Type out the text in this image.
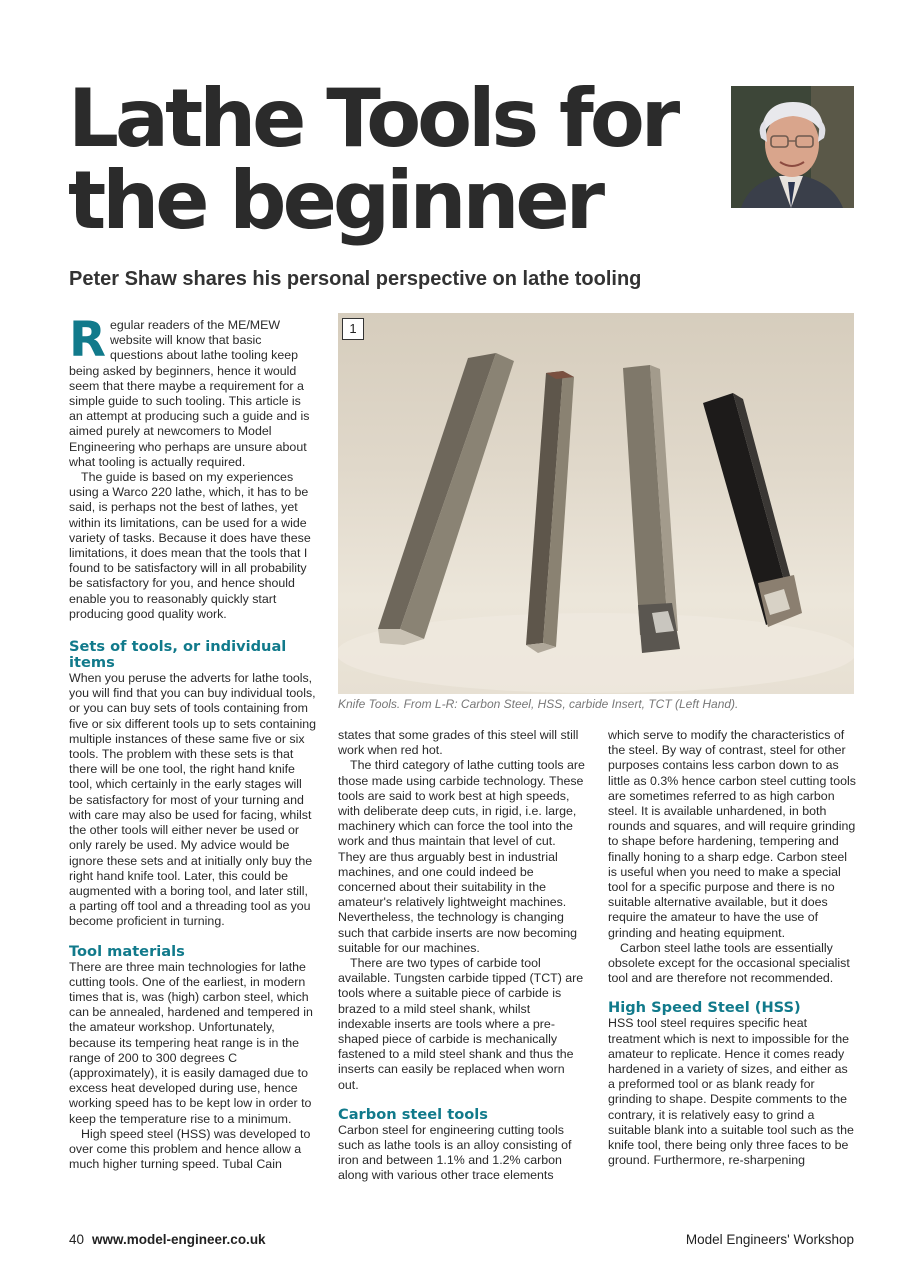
Lathe Tools for
the beginner
Peter Shaw shares his personal perspective on lathe tooling

Regular readers of the ME/MEW website will know that basic questions about lathe tooling keep being asked by beginners, hence it would seem that there maybe a requirement for a simple guide to such tooling. This article is an attempt at producing such a guide and is aimed purely at newcomers to Model Engineering who perhaps are unsure about what tooling is actually required.

The guide is based on my experiences using a Warco 220 lathe, which, it has to be said, is perhaps not the best of lathes, yet within its limitations, can be used for a wide variety of tasks. Because it does have these limitations, it does mean that the tools that I found to be satisfactory will in all probability be satisfactory for you, and hence should enable you to reasonably quickly start producing good quality work.

Sets of tools, or individual items

When you peruse the adverts for lathe tools, you will find that you can buy individual tools, or you can buy sets of tools containing from five or six different tools up to sets containing multiple instances of these same five or six tools. The problem with these sets is that there will be one tool, the right hand knife tool, which certainly in the early stages will be satisfactory for most of your turning and with care may also be used for facing, whilst the other tools will either never be used or only rarely be used. My advice would be ignore these sets and at initially only buy the right hand knife tool. Later, this could be augmented with a boring tool, and later still, a parting off tool and a threading tool as you become proficient in turning.

Tool materials

There are three main technologies for lathe cutting tools. One of the earliest, in modern times that is, was (high) carbon steel, which can be annealed, hardened and tempered in the amateur workshop. Unfortunately, because its tempering heat range is in the range of 200 to 300 degrees C (approximately), it is easily damaged due to excess heat developed during use, hence working speed has to be kept low in order to keep the temperature rise to a minimum.

High speed steel (HSS) was developed to over come this problem and hence allow a much higher turning speed. Tubal Cain

1
Knife Tools. From L-R: Carbon Steel, HSS, carbide Insert, TCT (Left Hand).

states that some grades of this steel will still work when red hot.

The third category of lathe cutting tools are those made using carbide technology. These tools are said to work best at high speeds, with deliberate deep cuts, in rigid, i.e. large, machinery which can force the tool into the work and thus maintain that level of cut. They are thus arguably best in industrial machines, and one could indeed be concerned about their suitability in the amateur's relatively lightweight machines. Nevertheless, the technology is changing such that carbide inserts are now becoming suitable for our machines.

There are two types of carbide tool available. Tungsten carbide tipped (TCT) are tools where a suitable piece of carbide is brazed to a mild steel shank, whilst indexable inserts are tools where a pre-shaped piece of carbide is mechanically fastened to a mild steel shank and thus the inserts can easily be replaced when worn out.

Carbon steel tools

Carbon steel for engineering cutting tools such as lathe tools is an alloy consisting of iron and between 1.1% and 1.2% carbon along with various other trace elements

which serve to modify the characteristics of the steel. By way of contrast, steel for other purposes contains less carbon down to as little as 0.3% hence carbon steel cutting tools are sometimes referred to as high carbon steel. It is available unhardened, in both rounds and squares, and will require grinding to shape before hardening, tempering and finally honing to a sharp edge. Carbon steel is useful when you need to make a special tool for a specific purpose and there is no suitable alternative available, but it does require the amateur to have the use of grinding and heating equipment.

Carbon steel lathe tools are essentially obsolete except for the occasional specialist tool and are therefore not recommended.

High Speed Steel (HSS)

HSS tool steel requires specific heat treatment which is next to impossible for the amateur to replicate. Hence it comes ready hardened in a variety of sizes, and either as a preformed tool or as blank ready for grinding to shape. Despite comments to the contrary, it is relatively easy to grind a suitable blank into a suitable tool such as the knife tool, there being only three faces to be ground. Furthermore, re-sharpening

40 www.model-engineer.co.uk	Model Engineers' Workshop
